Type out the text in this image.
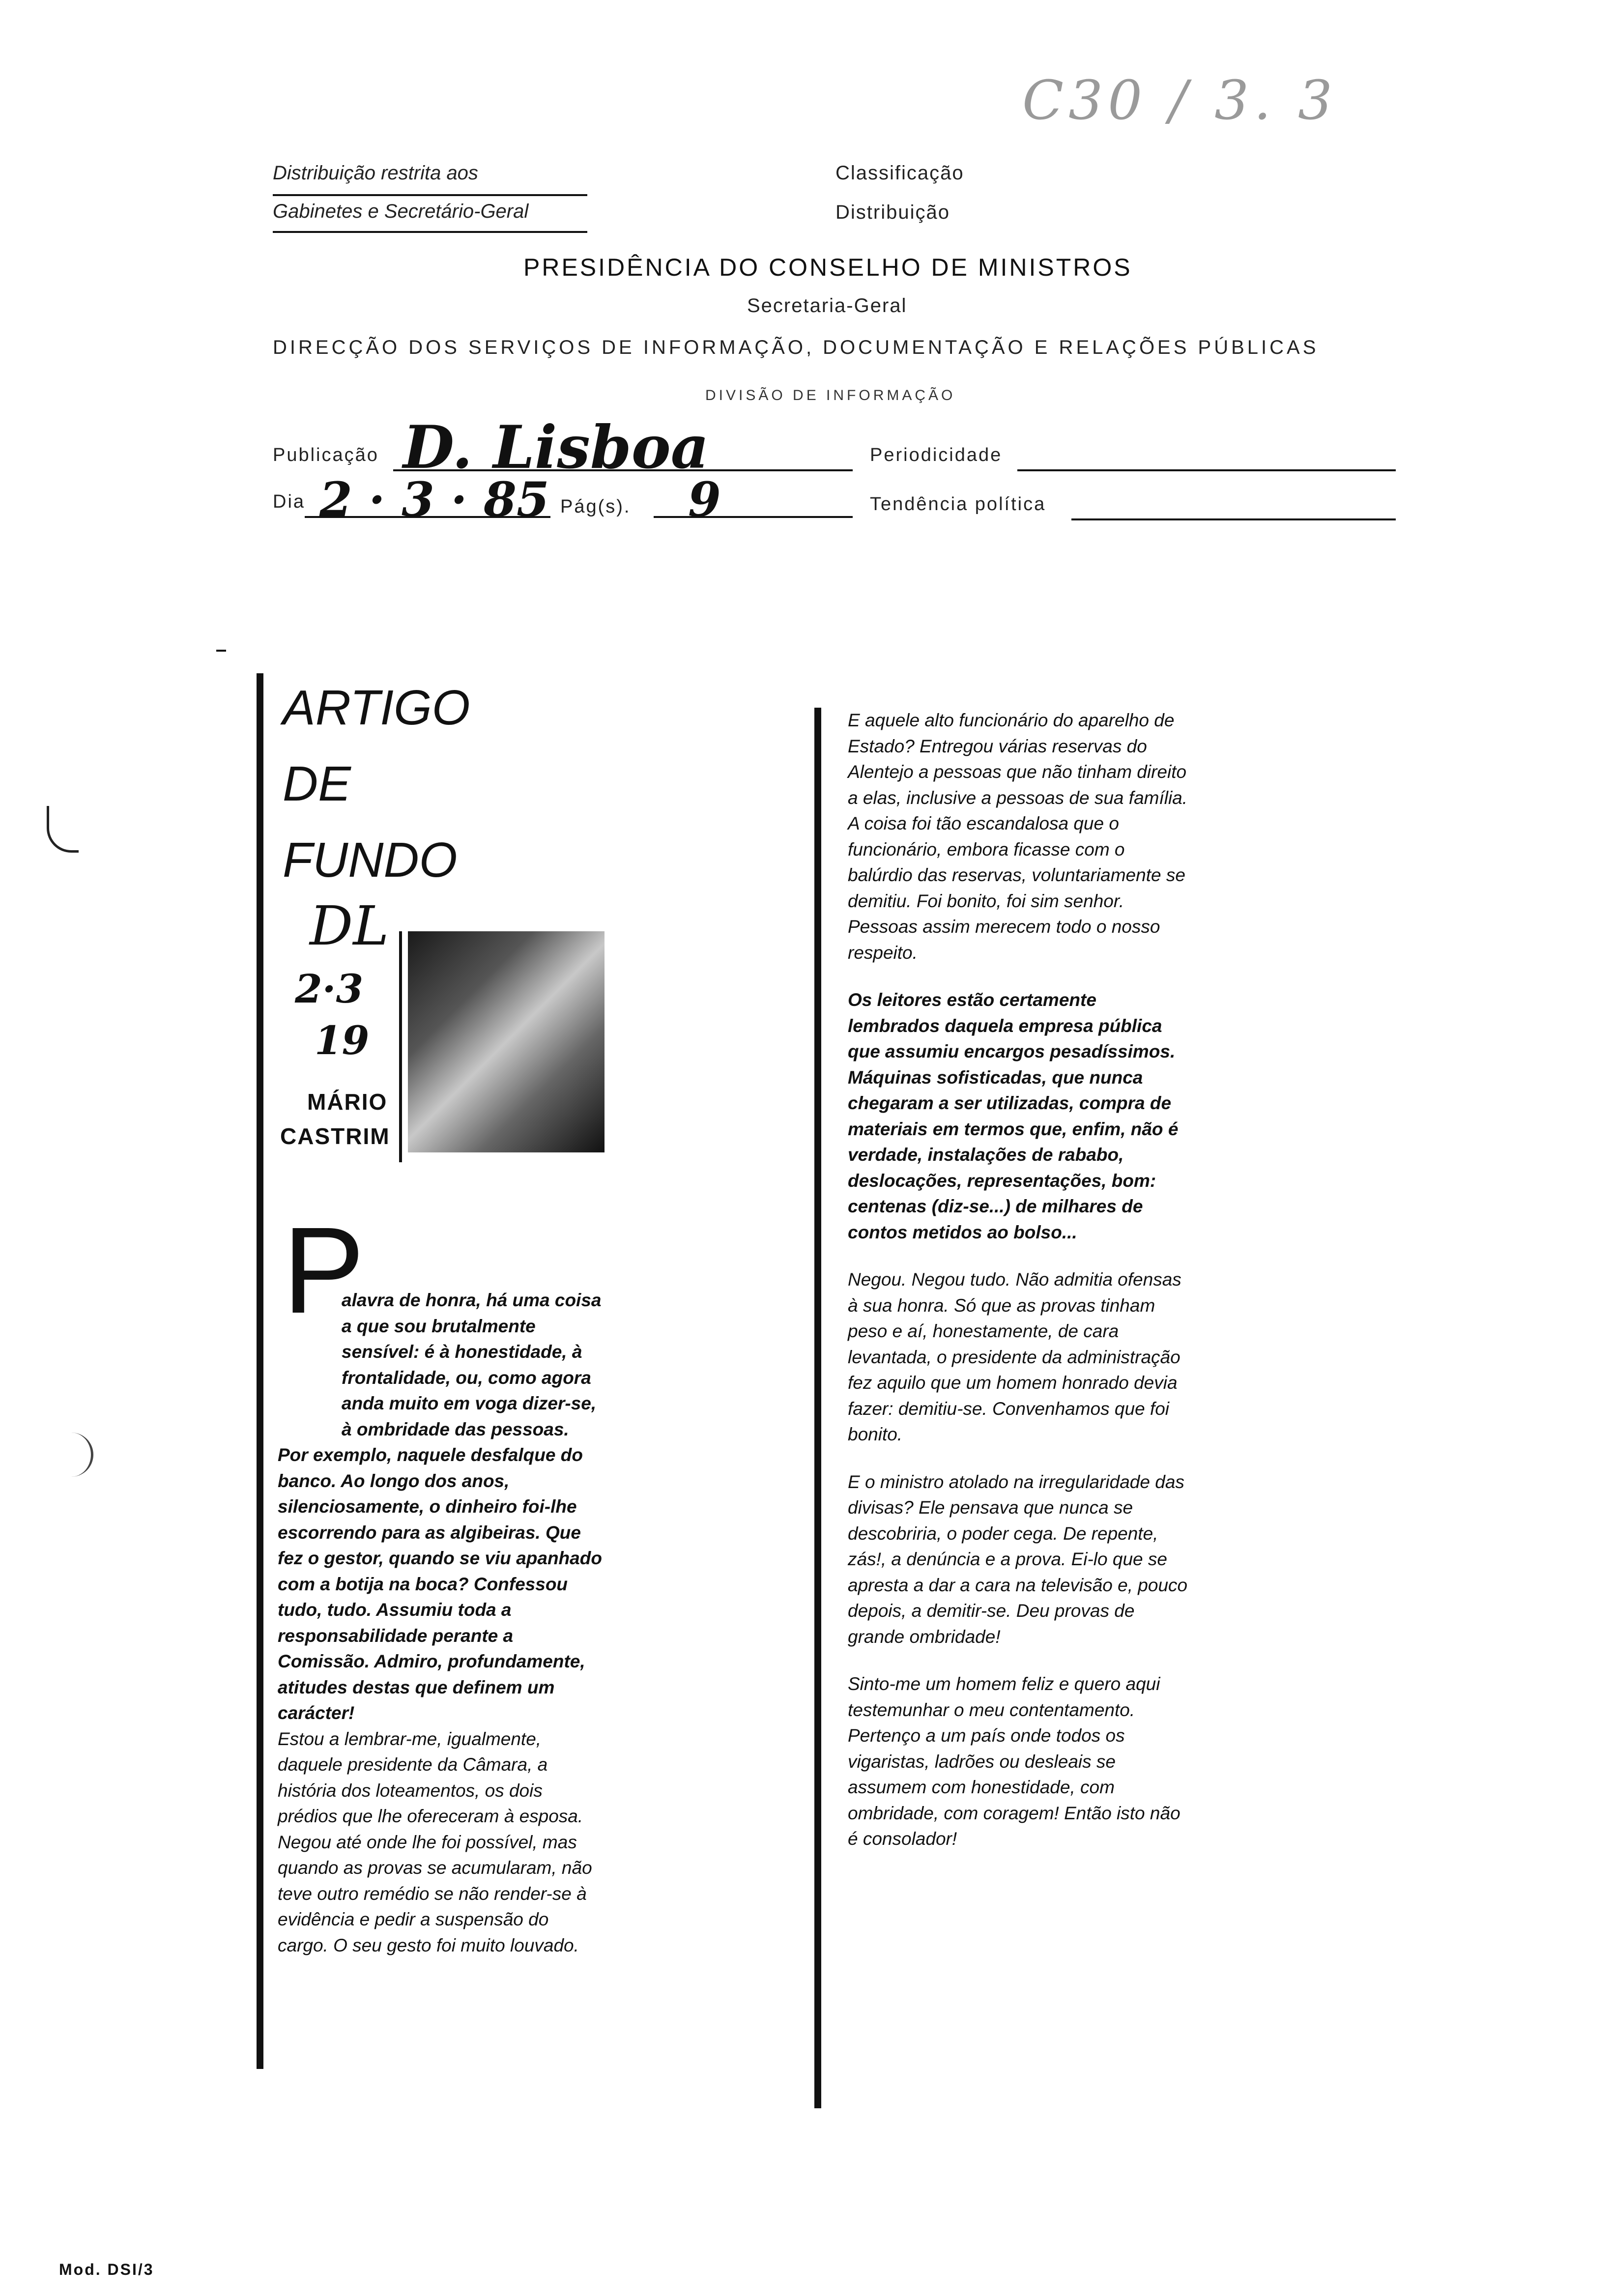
Distribuição restrita aos
Gabinetes e Secretário-Geral
Classificação
Distribuição
C30 / 3. 3
PRESIDÊNCIA DO CONSELHO DE MINISTROS
Secretaria-Geral
DIRECÇÃO DOS SERVIÇOS DE INFORMAÇÃO, DOCUMENTAÇÃO E RELAÇÕES PÚBLICAS
DIVISÃO DE INFORMAÇÃO
Publicação D. Lisboa	Periodicidade
Dia 2 · 3 · 85 Pág(s). 9	Tendência política
ARTIGO
DE
FUNDO
DL
2·3
19
MÁRIO
CASTRIM
P
alavra de honra, há uma coisa a que sou brutalmente sensível: é à honestidade, à frontalidade, ou, como agora anda muito em voga dizer-se, à ombridade das pessoas.
Por exemplo, naquele desfalque do banco. Ao longo dos anos, silenciosamente, o dinheiro foi-lhe escorrendo para as algibeiras. Que fez o gestor, quando se viu apanhado com a botija na boca? Confessou tudo, tudo. Assumiu toda a responsabilidade perante a Comissão. Admiro, profundamente, atitudes destas que definem um carácter!
Estou a lembrar-me, igualmente, daquele presidente da Câmara, a história dos loteamentos, os dois prédios que lhe ofereceram à esposa. Negou até onde lhe foi possível, mas quando as provas se acumularam, não teve outro remédio se não render-se à evidência e pedir a suspensão do cargo. O seu gesto foi muito louvado.

E aquele alto funcionário do aparelho de Estado? Entregou várias reservas do Alentejo a pessoas que não tinham direito a elas, inclusive a pessoas de sua família. A coisa foi tão escandalosa que o funcionário, embora ficasse com o balúrdio das reservas, voluntariamente se demitiu. Foi bonito, foi sim senhor. Pessoas assim merecem todo o nosso respeito.

Os leitores estão certamente lembrados daquela empresa pública que assumiu encargos pesadíssimos. Máquinas sofisticadas, que nunca chegaram a ser utilizadas, compra de materiais em termos que, enfim, não é verdade, instalações de rababo, deslocações, representações, bom: centenas (diz-se...) de milhares de contos metidos ao bolso...

Negou. Negou tudo. Não admitia ofensas à sua honra. Só que as provas tinham peso e aí, honestamente, de cara levantada, o presidente da administração fez aquilo que um homem honrado devia fazer: demitiu-se. Convenhamos que foi bonito.

E o ministro atolado na irregularidade das divisas? Ele pensava que nunca se descobriria, o poder cega. De repente, zás!, a denúncia e a prova. Ei-lo que se apresta a dar a cara na televisão e, pouco depois, a demitir-se. Deu provas de grande ombridade!

Sinto-me um homem feliz e quero aqui testemunhar o meu contentamento. Pertenço a um país onde todos os vigaristas, ladrões ou desleais se assumem com honestidade, com ombridade, com coragem! Então isto não é consolador!

Mod. DSI/3
